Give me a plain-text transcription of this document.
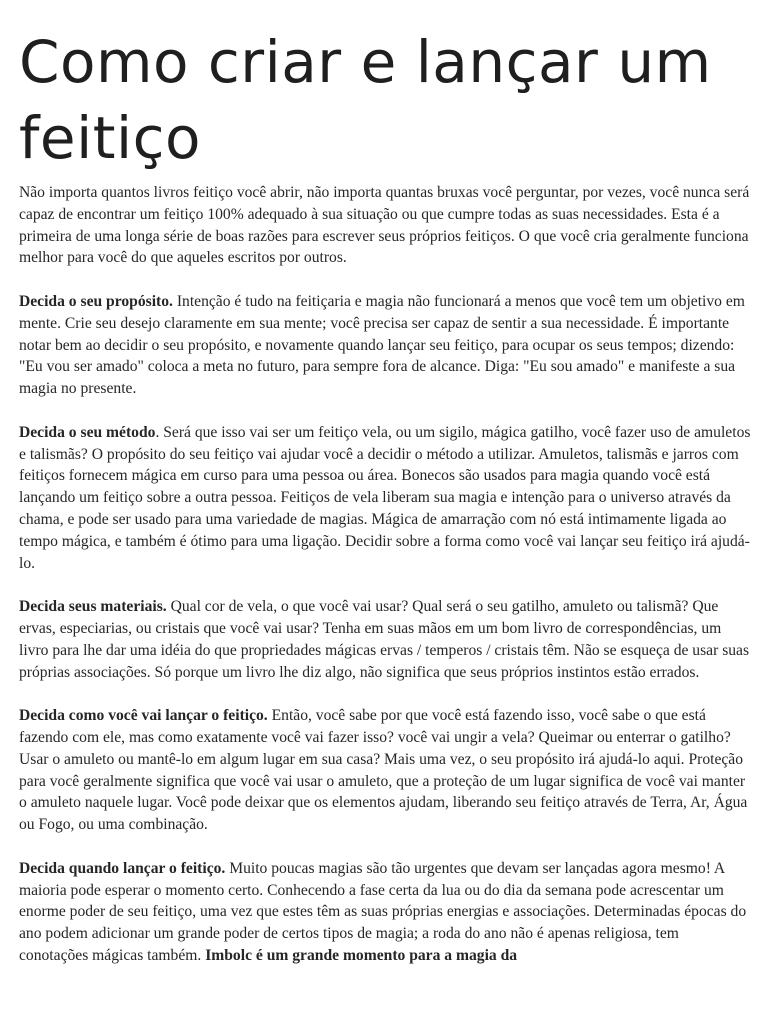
Como criar e lançar um feitiço

Não importa quantos livros feitiço você abrir, não importa quantas bruxas você perguntar, por vezes, você nunca será capaz de encontrar um feitiço 100% adequado à sua situação ou que cumpre todas as suas necessidades. Esta é a primeira de uma longa série de boas razões para escrever seus próprios feitiços. O que você cria geralmente funciona melhor para você do que aqueles escritos por outros.

Decida o seu propósito. Intenção é tudo na feitiçaria e magia não funcionará a menos que você tem um objetivo em mente. Crie seu desejo claramente em sua mente; você precisa ser capaz de sentir a sua necessidade. É importante notar bem ao decidir o seu propósito, e novamente quando lançar seu feitiço, para ocupar os seus tempos; dizendo: "Eu vou ser amado" coloca a meta no futuro, para sempre fora de alcance. Diga: "Eu sou amado" e manifeste a sua magia no presente.

Decida o seu método. Será que isso vai ser um feitiço vela, ou um sigilo, mágica gatilho, você fazer uso de amuletos e talismãs? O propósito do seu feitiço vai ajudar você a decidir o método a utilizar. Amuletos, talismãs e jarros com feitiços fornecem mágica em curso para uma pessoa ou área. Bonecos são usados para magia quando você está lançando um feitiço sobre a outra pessoa. Feitiços de vela liberam sua magia e intenção para o universo através da chama, e pode ser usado para uma variedade de magias. Mágica de amarração com nó está intimamente ligada ao tempo mágica, e também é ótimo para uma ligação. Decidir sobre a forma como você vai lançar seu feitiço irá ajudá-lo.

Decida seus materiais. Qual cor de vela, o que você vai usar? Qual será o seu gatilho, amuleto ou talismã? Que ervas, especiarias, ou cristais que você vai usar? Tenha em suas mãos em um bom livro de correspondências, um livro para lhe dar uma idéia do que propriedades mágicas ervas / temperos / cristais têm. Não se esqueça de usar suas próprias associações. Só porque um livro lhe diz algo, não significa que seus próprios instintos estão errados.

Decida como você vai lançar o feitiço. Então, você sabe por que você está fazendo isso, você sabe o que está fazendo com ele, mas como exatamente você vai fazer isso? você vai ungir a vela? Queimar ou enterrar o gatilho? Usar o amuleto ou mantê-lo em algum lugar em sua casa? Mais uma vez, o seu propósito irá ajudá-lo aqui. Proteção para você geralmente significa que você vai usar o amuleto, que a proteção de um lugar significa de você vai manter o amuleto naquele lugar. Você pode deixar que os elementos ajudam, liberando seu feitiço através de Terra, Ar, Água ou Fogo, ou uma combinação.

Decida quando lançar o feitiço. Muito poucas magias são tão urgentes que devam ser lançadas agora mesmo! A maioria pode esperar o momento certo. Conhecendo a fase certa da lua ou do dia da semana pode acrescentar um enorme poder de seu feitiço, uma vez que estes têm as suas próprias energias e associações. Determinadas épocas do ano podem adicionar um grande poder de certos tipos de magia; a roda do ano não é apenas religiosa, tem conotações mágicas também. Imbolc é um grande momento para a magia da
